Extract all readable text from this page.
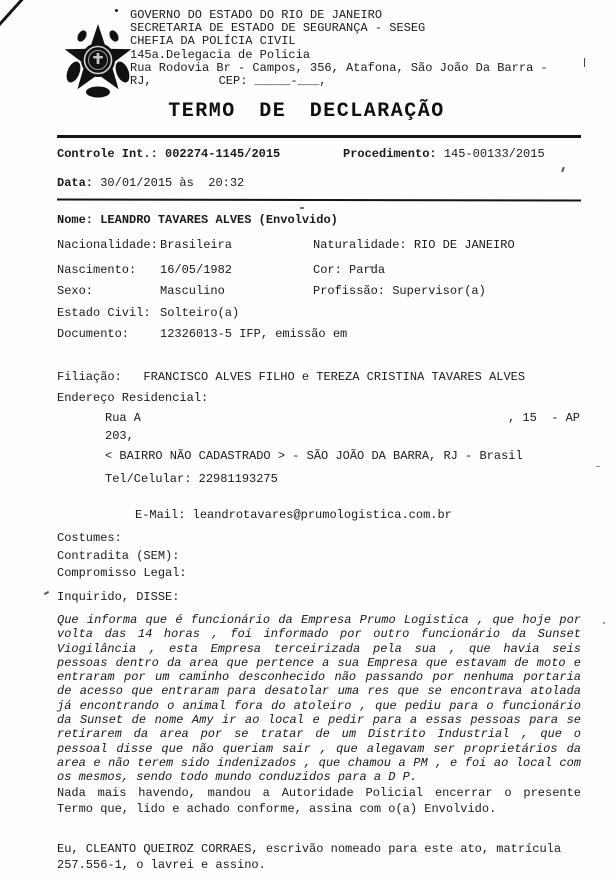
GOVERNO DO ESTADO DO RIO DE JANEIRO
SECRETARIA DE ESTADO DE SEGURANÇA - SESEG
CHEFIA DA POLÍCIA CIVIL
145a.Delegacia de Policia
Rua Rodovia Br - Campos, 356, Atafona, São João Da Barra -
RJ,	CEP: _____-___,
TERMO DE DECLARAÇÃO
Controle Int.: 002274-1145/2015	Procedimento: 145-00133/2015
Data: 30/01/2015 às  20:32
Nome: LEANDRO TAVARES ALVES (Envolvido)
Nacionalidade: Brasileira	Naturalidade: RIO DE JANEIRO
Nascimento: 16/05/1982	Cor: Parda
Sexo:	Masculino	Profissão: Supervisor(a)
Estado Civil: Solteiro(a)
Documento:	12326013-5 IFP, emissão em
Filiação: FRANCISCO ALVES FILHO e TEREZA CRISTINA TAVARES ALVES
Endereço Residencial:
Rua A	, 15  - AP
203,
< BAIRRO NÃO CADASTRADO > - SÃO JOÃO DA BARRA, RJ - Brasil
Tel/Celular: 22981193275
E-Mail: leandrotavares@prumologistica.com.br
Costumes:
Contradita (SEM):
Compromisso Legal:
Inquirido, DISSE:
Que informa que é funcionário da Empresa Prumo Logistica , que hoje por volta das 14 horas , foi informado por outro funcionário da Sunset Viogilância , esta Empresa terceirizada pela sua , que havia seis pessoas dentro da area que pertence a sua Empresa que estavam de moto e entraram por um caminho desconhecido não passando por nenhuma portaria de acesso que entraram para desatolar uma res que se encontrava atolada já encontrando o animal fora do atoleiro , que pediu para o funcionário da Sunset de nome Amy ir ao local e pedir para a essas pessoas para se retirarem da area por se tratar de um Distrito Industrial , que o pessoal disse que não queriam sair , que alegavam ser proprietários da area e não terem sido indenizados , que chamou a PM , e foi ao local com os mesmos, sendo todo mundo conduzidos para a D P.
Nada mais havendo, mandou a Autoridade Policial encerrar o presente Termo que, lido e achado conforme, assina com o(a) Envolvido.
Eu, CLEANTO QUEIROZ CORRAES, escrivão nomeado para este ato, matrícula 257.556-1, o lavrei e assino.
